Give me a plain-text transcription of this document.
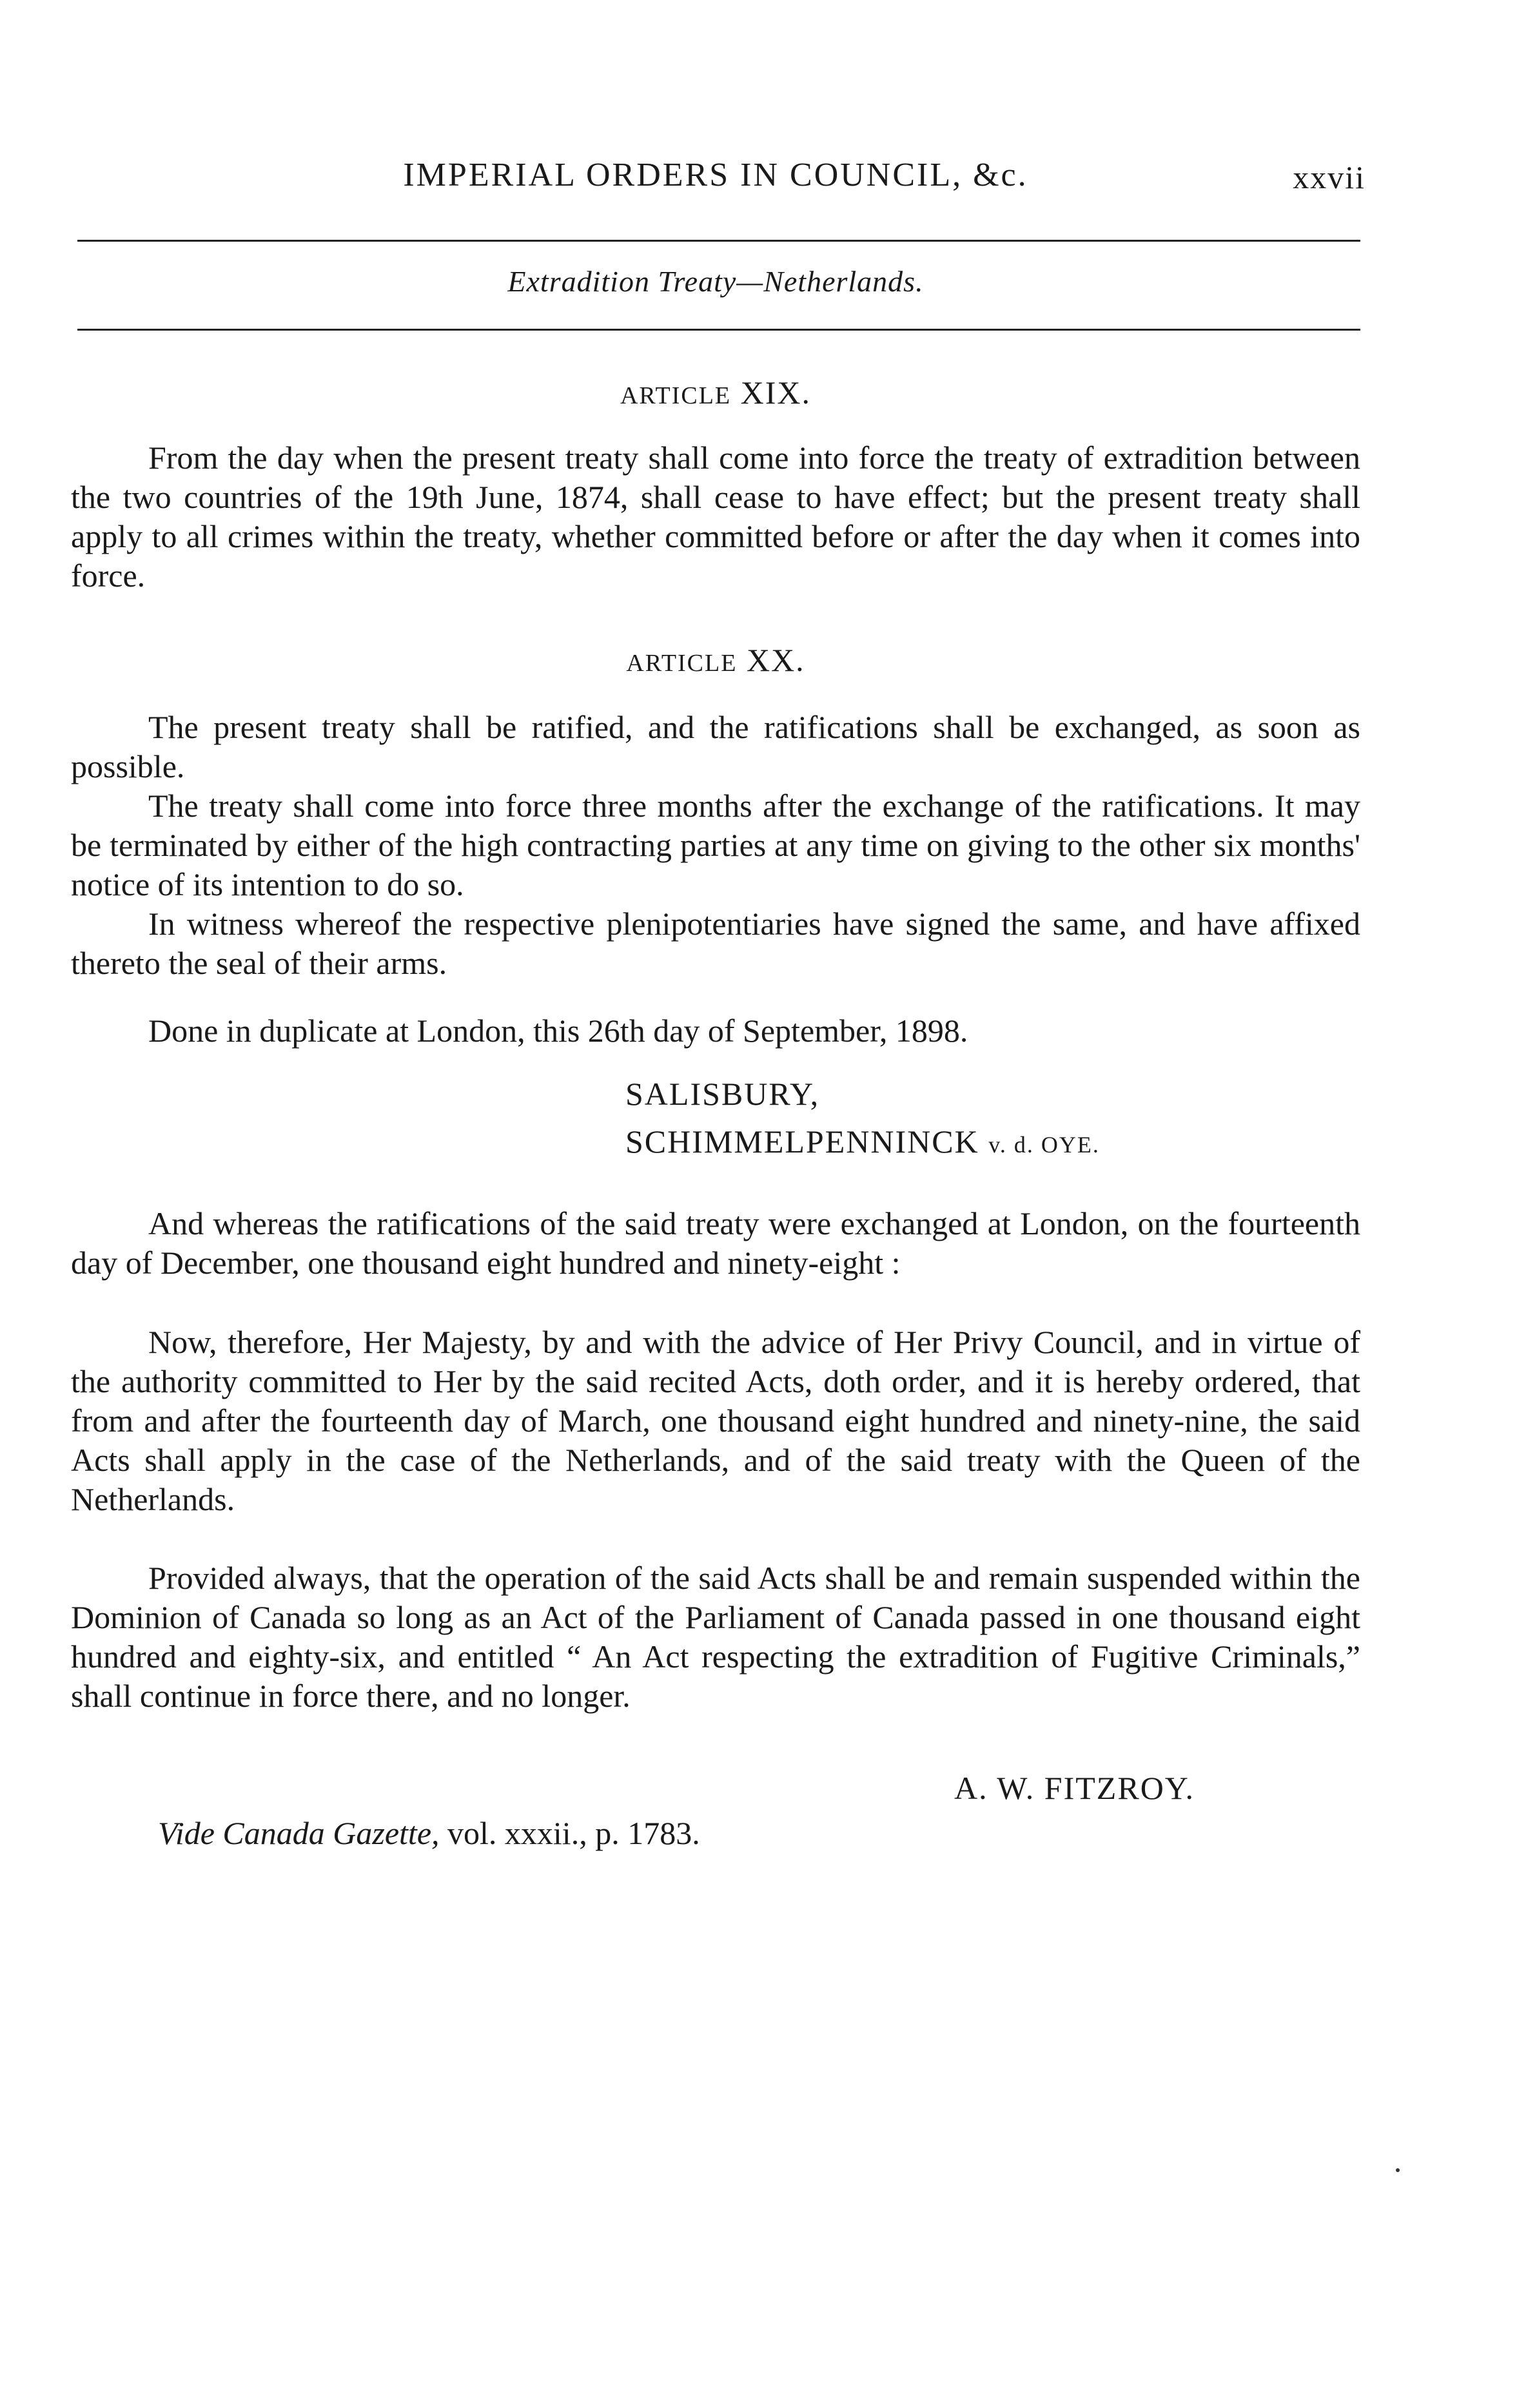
IMPERIAL ORDERS IN COUNCIL, &c.	xxvii
Extradition Treaty—Netherlands.
ARTICLE XIX.

From the day when the present treaty shall come into force the treaty of extradition between the two countries of the 19th June, 1874, shall cease to have effect; but the present treaty shall apply to all crimes within the treaty, whether committed before or after the day when it comes into force.

ARTICLE XX.

The present treaty shall be ratified, and the ratifications shall be exchanged, as soon as possible.

The treaty shall come into force three months after the exchange of the ratifications. It may be terminated by either of the high contracting parties at any time on giving to the other six months' notice of its intention to do so.

In witness whereof the respective plenipotentiaries have signed the same, and have affixed thereto the seal of their arms.

Done in duplicate at London, this 26th day of September, 1898.
SALISBURY,
SCHIMMELPENNINCK v. d. OYE.

And whereas the ratifications of the said treaty were exchanged at London, on the fourteenth day of December, one thousand eight hundred and ninety-eight :

Now, therefore, Her Majesty, by and with the advice of Her Privy Council, and in virtue of the authority committed to Her by the said recited Acts, doth order, and it is hereby ordered, that from and after the fourteenth day of March, one thousand eight hundred and ninety-nine, the said Acts shall apply in the case of the Netherlands, and of the said treaty with the Queen of the Netherlands.

Provided always, that the operation of the said Acts shall be and remain suspended within the Dominion of Canada so long as an Act of the Parliament of Canada passed in one thousand eight hundred and eighty-six, and entitled “ An Act respecting the extradition of Fugitive Criminals,” shall continue in force there, and no longer.

A. W. FITZROY.
Vide Canada Gazette, vol. xxxii., p. 1783.
